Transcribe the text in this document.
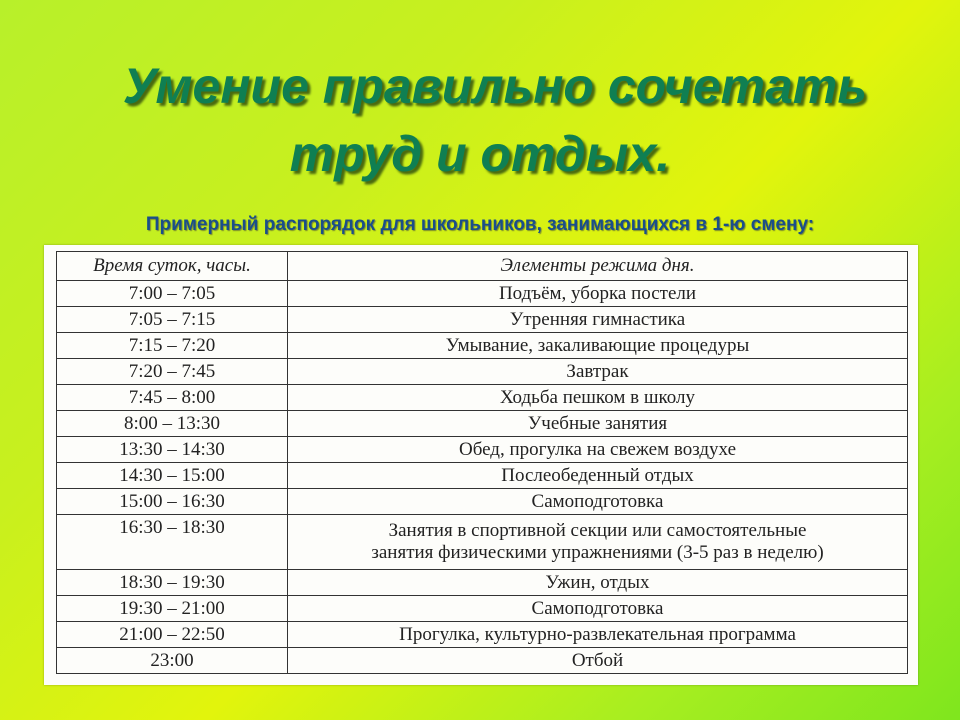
Умение правильно сочетать
труд и отдых.
Примерный распорядок для школьников, занимающихся в 1-ю смену:
Время суток, часы.	Элементы режима дня.
7:00 – 7:05	Подъём, уборка постели
7:05 – 7:15	Утренняя гимнастика
7:15 – 7:20	Умывание, закаливающие процедуры
7:20 – 7:45	Завтрак
7:45 – 8:00	Ходьба пешком в школу
8:00 – 13:30	Учебные занятия
13:30 – 14:30	Обед, прогулка на свежем воздухе
14:30 – 15:00	Послеобеденный отдых
15:00 – 16:30	Самоподготовка
16:30 – 18:30	Занятия в спортивной секции или самостоятельные
занятия физическими упражнениями (3-5 раз в неделю)

18:30 – 19:30	Ужин, отдых
19:30 – 21:00	Самоподготовка
21:00 – 22:50	Прогулка, культурно-развлекательная программа
23:00	Отбой
